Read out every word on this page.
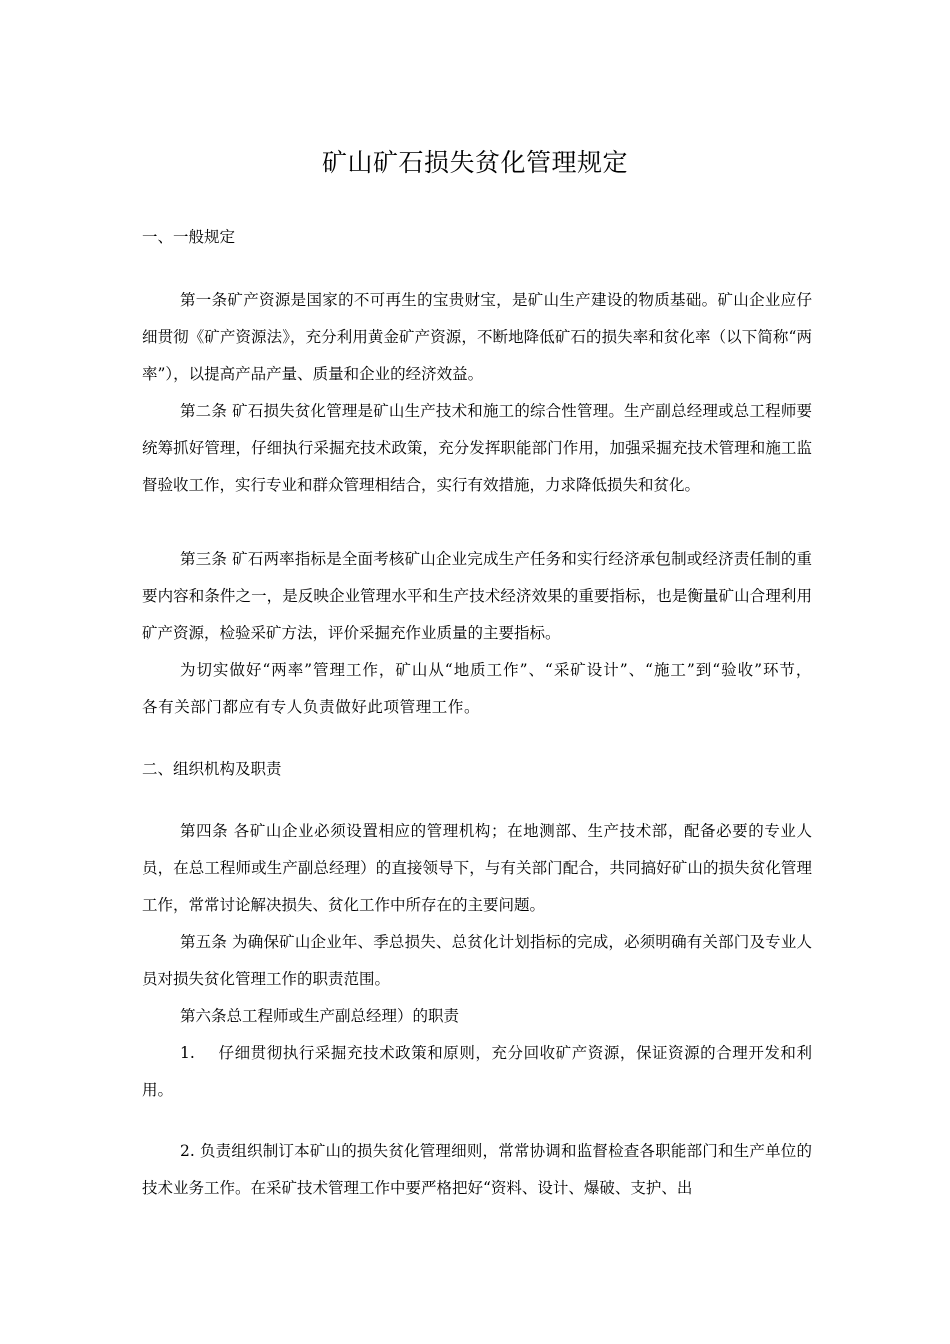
矿山矿石损失贫化管理规定
一、一般规定
第一条矿产资源是国家的不可再生的宝贵财宝，是矿山生产建设的物质基础。矿山企业应仔细贯彻《矿产资源法》，充分利用黄金矿产资源，不断地降低矿石的损失率和贫化率（以下简称“两率”），以提高产品产量、质量和企业的经济效益。
第二条 矿石损失贫化管理是矿山生产技术和施工的综合性管理。生产副总经理或总工程师要统筹抓好管理，仔细执行采掘充技术政策，充分发挥职能部门作用，加强采掘充技术管理和施工监督验收工作，实行专业和群众管理相结合，实行有效措施，力求降低损失和贫化。
第三条 矿石两率指标是全面考核矿山企业完成生产任务和实行经济承包制或经济责任制的重要内容和条件之一，是反映企业管理水平和生产技术经济效果的重要指标，也是衡量矿山合理利用矿产资源，检验采矿方法，评价采掘充作业质量的主要指标。
为切实做好“两率”管理工作，矿山从“地质工作”、“采矿设计”、“施工”到“验收”环节，各有关部门都应有专人负责做好此项管理工作。
二、组织机构及职责
第四条 各矿山企业必须设置相应的管理机构；在地测部、生产技术部，配备必要的专业人员，在总工程师或生产副总经理）的直接领导下，与有关部门配合，共同搞好矿山的损失贫化管理工作，常常讨论解决损失、贫化工作中所存在的主要问题。
第五条 为确保矿山企业年、季总损失、总贫化计划指标的完成，必须明确有关部门及专业人员对损失贫化管理工作的职责范围。
第六条总工程师或生产副总经理）的职责
1. 仔细贯彻执行采掘充技术政策和原则，充分回收矿产资源，保证资源的合理开发和利用。
2. 负责组织制订本矿山的损失贫化管理细则，常常协调和监督检查各职能部门和生产单位的技术业务工作。在采矿技术管理工作中要严格把好“资料、设计、爆破、支护、出
